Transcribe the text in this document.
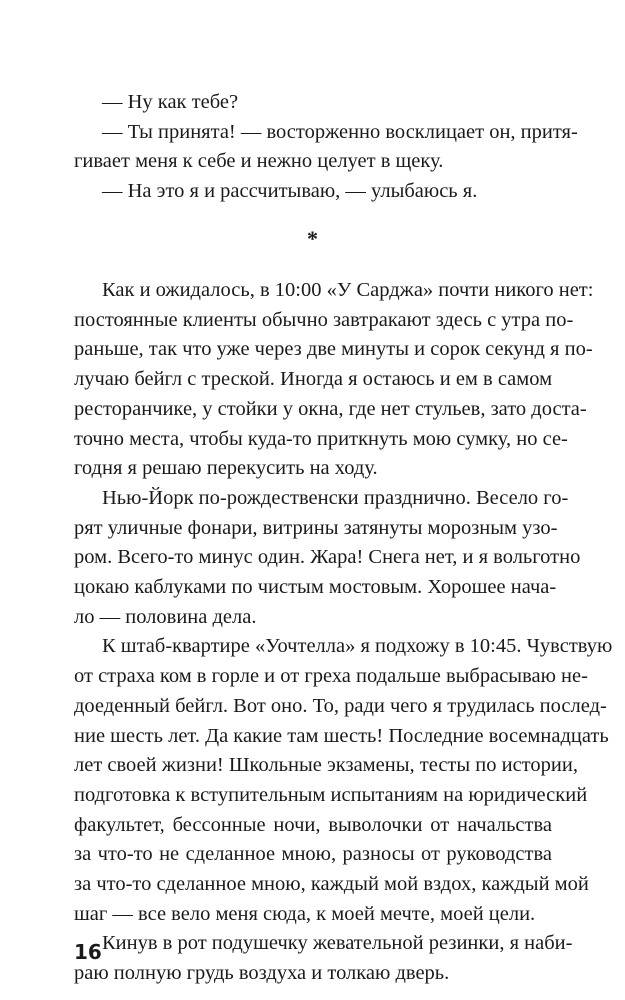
— Ну как тебе?
— Ты принята! — восторженно восклицает он, притя-
гивает меня к себе и нежно целует в щеку.
— На это я и рассчитываю, — улыбаюсь я.
*
Как и ожидалось, в 10:00 «У Сарджа» почти никого нет:
постоянные клиенты обычно завтракают здесь с утра по-
раньше, так что уже через две минуты и сорок секунд я по-
лучаю бейгл с треской. Иногда я остаюсь и ем в самом
ресторанчике, у стойки у окна, где нет стульев, зато доста-
точно места, чтобы куда-то приткнуть мою сумку, но се-
годня я решаю перекусить на ходу.
Нью-Йорк по-рождественски празднично. Весело го-
рят уличные фонари, витрины затянуты морозным узо-
ром. Всего-то минус один. Жара! Снега нет, и я вольготно
цокаю каблуками по чистым мостовым. Хорошее нача-
ло — половина дела.
К штаб-квартире «Уочтелла» я подхожу в 10:45. Чувствую
от страха ком в горле и от греха подальше выбрасываю не-
доеденный бейгл. Вот оно. То, ради чего я трудилась послед-
ние шесть лет. Да какие там шесть! Последние восемнадцать
лет своей жизни! Школьные экзамены, тесты по истории,
подготовка к вступительным испытаниям на юридический
факультет, бессонные ночи, выволочки от начальства
за что-то не сделанное мною, разносы от руководства
за что-то сделанное мною, каждый мой вздох, каждый мой
шаг — все вело меня сюда, к моей мечте, моей цели.
Кинув в рот подушечку жевательной резинки, я наби-
раю полную грудь воздуха и толкаю дверь.
16
